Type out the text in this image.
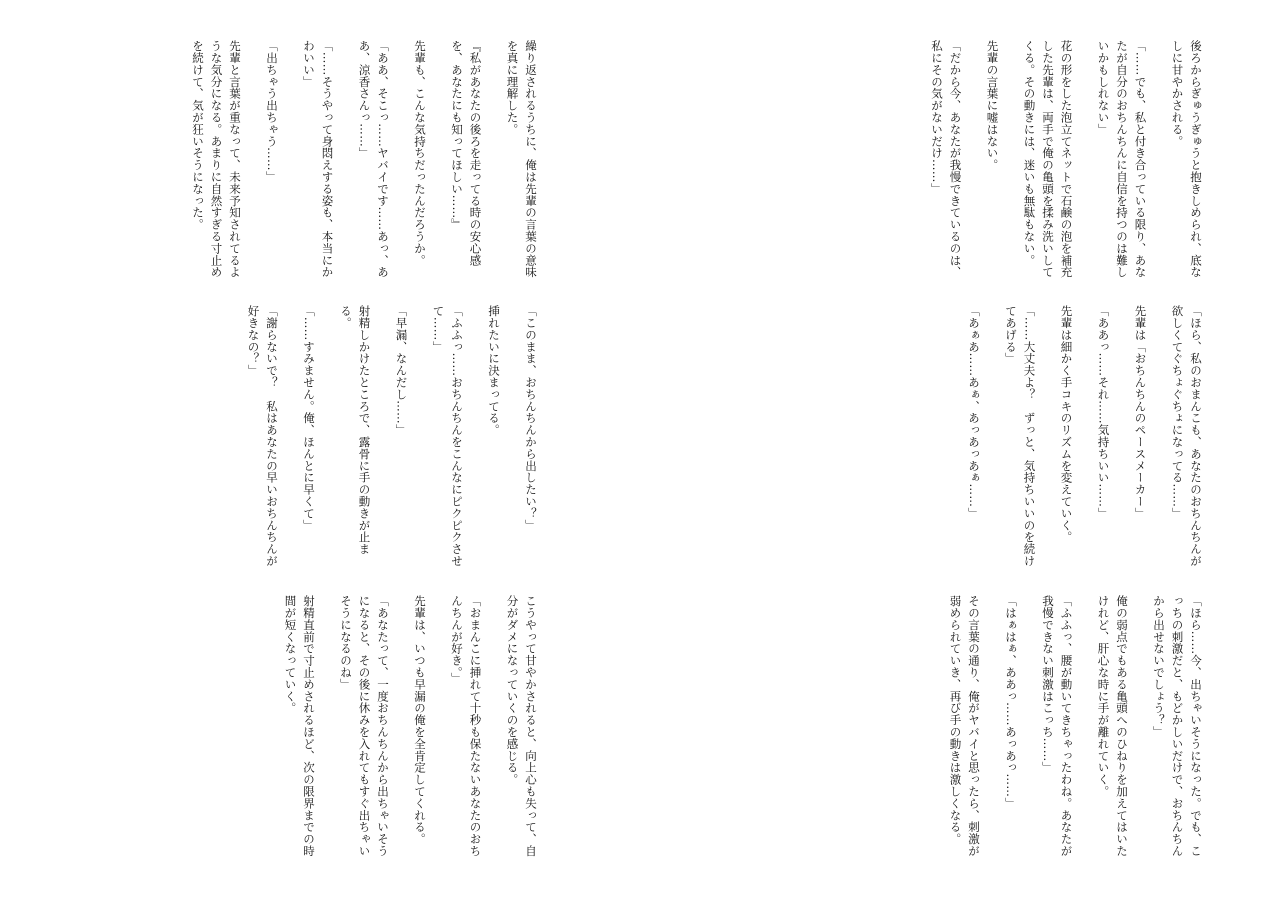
繰り返されるうちに、俺は先輩の言葉の意味を真に理解した。

『私があなたの後ろを走ってる時の安心感を、あなたにも知ってほしい……』

先輩も、こんな気持ちだったんだろうか。

「ああ、そこっ……ヤバイです……あっ、ああ、涼香さんっ……」

「……そうやって身悶えする姿も、本当にかわいい」

「出ちゃう出ちゃう……」

先輩と言葉が重なって、未来予知されてるような気分になる。あまりに自然すぎる寸止めを続けて、気が狂いそうになった。
「このまま、おちんちんから出したい？」

挿れたいに決まってる。

「ふふっ……おちんちんをこんなにピクピクさせて……」

「早漏、なんだし……」

射精しかけたところで、露骨に手の動きが止まる。

「……すみません。俺、ほんとに早くて」

「謝らないで？　私はあなたの早いおちんちんが好きなの？」
こうやって甘やかされると、向上心も失って、自分がダメになっていくのを感じる。

「おまんこに挿れて十秒も保たないあなたのおちんちんが好き。」

先輩は、いつも早漏の俺を全肯定してくれる。

「あなたって、一度おちんちんから出ちゃいそうになると、その後に休みを入れてもすぐ出ちゃいそうになるのね」

射精直前で寸止めされるほど、次の限界までの時間が短くなっていく。
後ろからぎゅうぎゅうと抱きしめられ、底なしに甘やかされる。

「……でも、私と付き合っている限り、あなたが自分のおちんちんに自信を持つのは難しいかもしれない」

花の形をした泡立てネットで石鹸の泡を補充した先輩は、両手で俺の亀頭を揉み洗いしてくる。その動きには、迷いも無駄もない。

先輩の言葉に嘘はない。

「だから今、あなたが我慢できているのは、私にその気がないだけ……」
「ほら、私のおまんこも、あなたのおちんちんが欲しくてぐちょぐちょになってる……」

先輩は「おちんちんのペースメーカー」

「ああっ……それ……気持ちいい……」

先輩は細かく手コキのリズムを変えていく。

「……大丈夫よ？　ずっと、気持ちいいのを続けてあげる」

「あぁあ……あぁ、あっあっあぁ……」
「ほら……今、出ちゃいそうになった。でも、こっちの刺激だと、もどかしいだけで、おちんちんから出せないでしょう？」

俺の弱点でもある亀頭へのひねりを加えてはいたけれど、肝心な時に手が離れていく。

「ふふっ、腰が動いてきちゃったわね。あなたが我慢できない刺激はこっち……」

「はぁはぁ、ああっ……あっあっ……」

その言葉の通り、俺がヤバイと思ったら、刺激が弱められていき、再び手の動きは激しくなる。
